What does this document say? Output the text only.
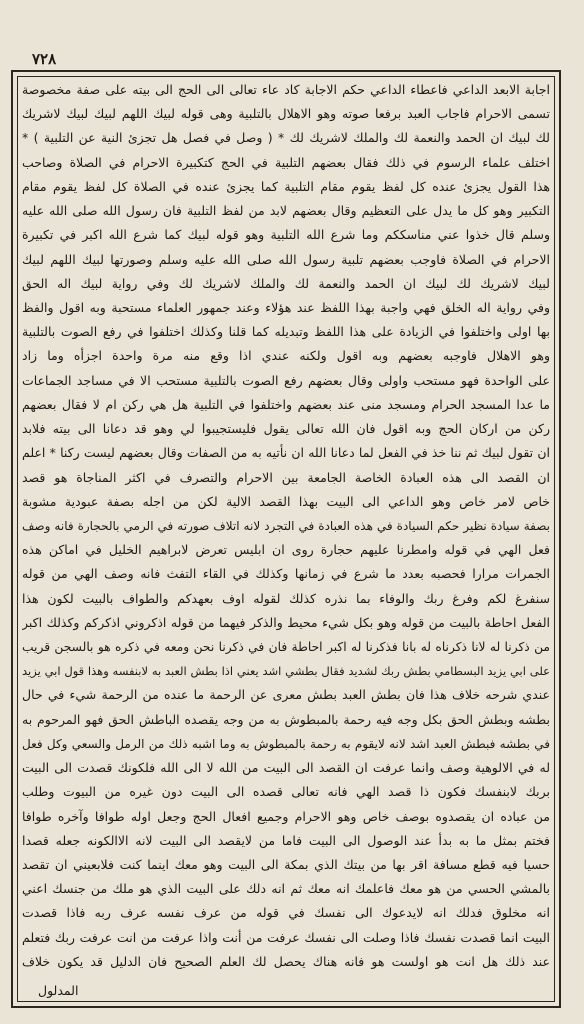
٧٢٨
اجابة الابعد الداعي فاعطاء الداعي حكم الاجابة كاد عاء تعالى الى الحج الى بيته على صفة مخصوصة
تسمى الاحرام فاجاب العبد برفعا صوته وهو الاهلال بالتلبية وهى قوله لبيك اللهم لبيك لبيك لاشريك
لك لبيك ان الحمد والنعمة لك والملك لاشريك لك * ( وصل في فصل هل تجزئ النية عن التلبية ) *
اختلف علماء الرسوم في ذلك فقال بعضهم التلبية في الحج كتكبيرة الاحرام في الصلاة وصاحب
هذا القول يجزئ عنده كل لفظ يقوم مقام التلبية كما يجزئ عنده في الصلاة كل لفظ يقوم مقام
التكبير وهو كل ما يدل على التعظيم وقال بعضهم لابد من لفظ التلبية فان رسول الله صلى الله عليه
وسلم قال خذوا عني مناسككم وما شرع الله التلبية وهو قوله لبيك كما شرع الله اكبر في تكبيرة
الاحرام في الصلاة فاوجب بعضهم تلبية رسول الله صلى الله عليه وسلم وصورتها لبيك اللهم لبيك
لبيك لاشريك لك لبيك ان الحمد والنعمة لك والملك لاشريك لك وفي رواية لبيك اله الحق
وفي رواية اله الخلق فهي واجبة بهذا اللفظ عند هؤلاء وعند جمهور العلماء مستحبة وبه اقول والفظ
بها اولى واختلفوا في الزيادة على هذا اللفظ وتبديله كما قلنا وكذلك اختلفوا في رفع الصوت بالتلبية
وهو الاهلال فاوجبه بعضهم وبه اقول ولكنه عندي اذا وقع منه مرة واحدة اجزأه وما زاد
على الواحدة فهو مستحب واولى وقال بعضهم رفع الصوت بالتلبية مستحب الا في مساجد الجماعات
ما عدا المسجد الحرام ومسجد منى عند بعضهم واختلفوا في التلبية هل هي ركن ام لا فقال بعضهم
ركن من اركان الحج وبه اقول فان الله تعالى يقول فليستجيبوا لي وهو قد دعانا الى بيته فلابد
ان تقول لبيك ثم ننا خذ في الفعل لما دعانا الله ان نأتيه به من الصفات وقال بعضهم ليست ركنا * اعلم
ان القصد الى هذه العبادة الخاصة الجامعة بين الاحرام والتصرف في اكثر المناجاة هو قصد
خاص لامر خاص وهو الداعي الى البيت بهذا القصد الالية لكن من اجله بصفة عبودية مشوبة
بصفة سيادة نظير حكم السيادة في هذه العبادة في التجرد لانه اتلاف صورته في الرمي بالحجارة فانه وصف
فعل الهي في قوله وامطرنا عليهم حجارة روى ان ابليس تعرض لابراهيم الخليل في اماكن هذه
الجمرات مرارا فحصبه بعدد ما شرع في زمانها وكذلك في القاء التفث فانه وصف الهي من قوله
سنفرغ لكم وفرغ ربك والوفاء بما نذره كذلك لقوله اوف بعهدكم والطواف بالبيت لكون هذا
الفعل احاطة بالبيت من قوله وهو بكل شيء محيط والذكر فيهما من قوله اذكروني اذكركم وكذلك اكبر
من ذكرنا له لانا ذكرناه له بانا فذكرنا له اكبر احاطة فان في ذكرنا نحن ومعه في ذكره هو بالسجن قريب
على ابي يزيد البسطامي بطش ربك لشديد فقال بطشي اشد يعني اذا بطش العبد به لابنفسه وهذا قول ابي يزيد
عندي شرحه خلاف هذا فان بطش العبد بطش معرى عن الرحمة ما عنده من الرحمة شيء في حال
بطشه وبطش الحق بكل وجه فيه رحمة بالمبطوش به من وجه يقصده الباطش الحق فهو المرحوم به
في بطشه فبطش العبد اشد لانه لايقوم به رحمة بالمبطوش به وما اشبه ذلك من الرمل والسعي وكل فعل
له في الالوهية وصف وانما عرفت ان القصد الى البيت من الله لا الى الله فلكونك قصدت الى البيت
بربك لابنفسك فكون ذا قصد الهي فانه تعالى قصده الى البيت دون غيره من البيوت وطلب
من عباده ان يقصدوه بوصف خاص وهو الاحرام وجميع افعال الحج وجعل اوله طوافا وآخره طوافا
فختم بمثل ما به بدأ عند الوصول الى البيت فاما من لايقصد الى البيت لانه الاالكونه جعله قصدا
حسيا فيه قطع مسافة اقر بها من بيتك الذي بمكة الى البيت وهو معك اينما كنت فلابعيني ان تقصد
بالمشي الحسي من هو معك فاعلمك انه معك ثم انه دلك على البيت الذي هو ملك من جنسك اعني
انه مخلوق فدلك انه لايدعوك الى نفسك في قوله من عرف نفسه عرف ربه فاذا قصدت
البيت انما قصدت نفسك فاذا وصلت الى نفسك عرفت من أنت واذا عرفت من انت عرفت ربك فتعلم
عند ذلك هل انت هو اولست هو فانه هناك يحصل لك العلم الصحيح فان الدليل قد يكون خلاف
المدلول
